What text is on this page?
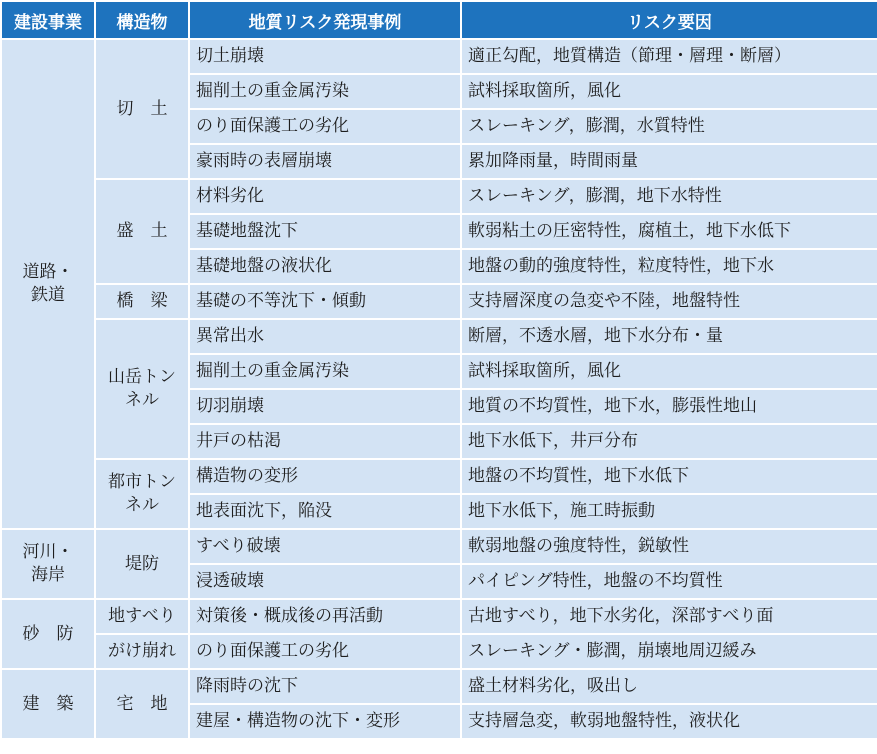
建設事業	構造物	地質リスク発現事例	リスク要因
道路・
鉄道	切　土	切土崩壊	適正勾配，地質構造（節理・層理・断層）
		掘削土の重金属汚染	試料採取箇所，風化
		のり面保護工の劣化	スレーキング，膨潤，水質特性
		豪雨時の表層崩壊	累加降雨量，時間雨量
	盛　土	材料劣化	スレーキング，膨潤，地下水特性
		基礎地盤沈下	軟弱粘土の圧密特性，腐植土，地下水低下
		基礎地盤の液状化	地盤の動的強度特性，粒度特性，地下水
	橋　梁	基礎の不等沈下・傾動	支持層深度の急変や不陸，地盤特性
	山岳トン
ネル	異常出水	断層，不透水層，地下水分布・量
		掘削土の重金属汚染	試料採取箇所，風化
		切羽崩壊	地質の不均質性，地下水，膨張性地山
		井戸の枯渇	地下水低下，井戸分布
	都市トン
ネル	構造物の変形	地盤の不均質性，地下水低下
		地表面沈下，陥没	地下水低下，施工時振動
河川・
海岸	堤防	すべり破壊	軟弱地盤の強度特性，鋭敏性
		浸透破壊	パイピング特性，地盤の不均質性
砂　防	地すべり	対策後・概成後の再活動	古地すべり，地下水劣化，深部すべり面
	がけ崩れ	のり面保護工の劣化	スレーキング・膨潤，崩壊地周辺緩み
建　築	宅　地	降雨時の沈下	盛土材料劣化，吸出し
		建屋・構造物の沈下・変形	支持層急変，軟弱地盤特性，液状化
